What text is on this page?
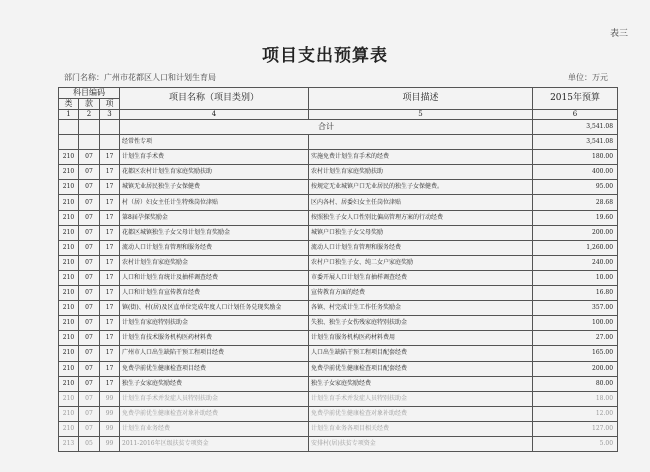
表三
项目支出预算表
部门名称：广州市花都区人口和计划生育局	单位：万元
科目编码			项目名称（项目类别）	项目描述	2015年预算
类	款	项			
1	2	3	4	5	6
			合计		3,541.08
			经常性专项		3,541.08
210	07	17	计划生育手术费	实施免费计划生育手术的经费	180.00
210	07	17	花都区农村计划生育家庭奖励扶助	农村计划生育家庭奖励扶助	400.00
210	07	17	城镇无业居民独生子女保健费	按规定无业城镇户口无业居民的独生子女保健费。	95.00
210	07	17	村（居）妇女主任计生特殊岗位津贴	区内各村、居委妇女主任岗位津贴	28.68
210	07	17	第8届孕探奖励金	按照独生子女人口性别比偏高管理方案的行动经费	19.60
210	07	17	花都区城镇独生子女父母计划生育奖励金	城镇户口独生子女父母奖励	200.00
210	07	17	流动人口计划生育管理和服务经费	流动人口计划生育管理和服务经费	1,260.00
210	07	17	农村计划生育家庭奖励金	农村户口独生子女、纯二女户家庭奖励	240.00
210	07	17	人口和计划生育统计及抽样调查经费	市委开展人口计划生育抽样调查经费	10.00
210	07	17	人口和计划生育宣传教育经费	宣传教育方面的经费	16.80
210	07	17	镇(街)、村(居)及区直单位完成年度人口计划任务兑现奖励金	各镇、村完成计生工作任务奖励金	357.00
210	07	17	计划生育家庭特别扶助金	失独、独生子女伤残家庭特别扶助金	100.00
210	07	17	计划生育技术服务机构医药材料费	计划生育服务机构医药材料费用	27.00
210	07	17	广州市人口出生缺陷干预工程项目经费	人口出生缺陷干预工程项目配套经费	165.00
210	07	17	免费孕前优生健康检查项目经费	免费孕前优生健康检查项目配套经费	200.00
210	07	17	独生子女家庭奖励经费	独生子女家庭奖励经费	80.00
210	07	99	计划生育手术并发症人员特别扶助金	计划生育手术并发症人员特别扶助金	18.00
210	07	99	免费孕前优生健康检查对象补助经费	免费孕前优生健康检查对象补助经费	12.00
210	07	99	计划生育业务经费	计划生育业务各项目相关经费	127.00
213	05	99	2011-2016年区级扶贫专项资金	安排村(居)扶贫专项资金	5.00
